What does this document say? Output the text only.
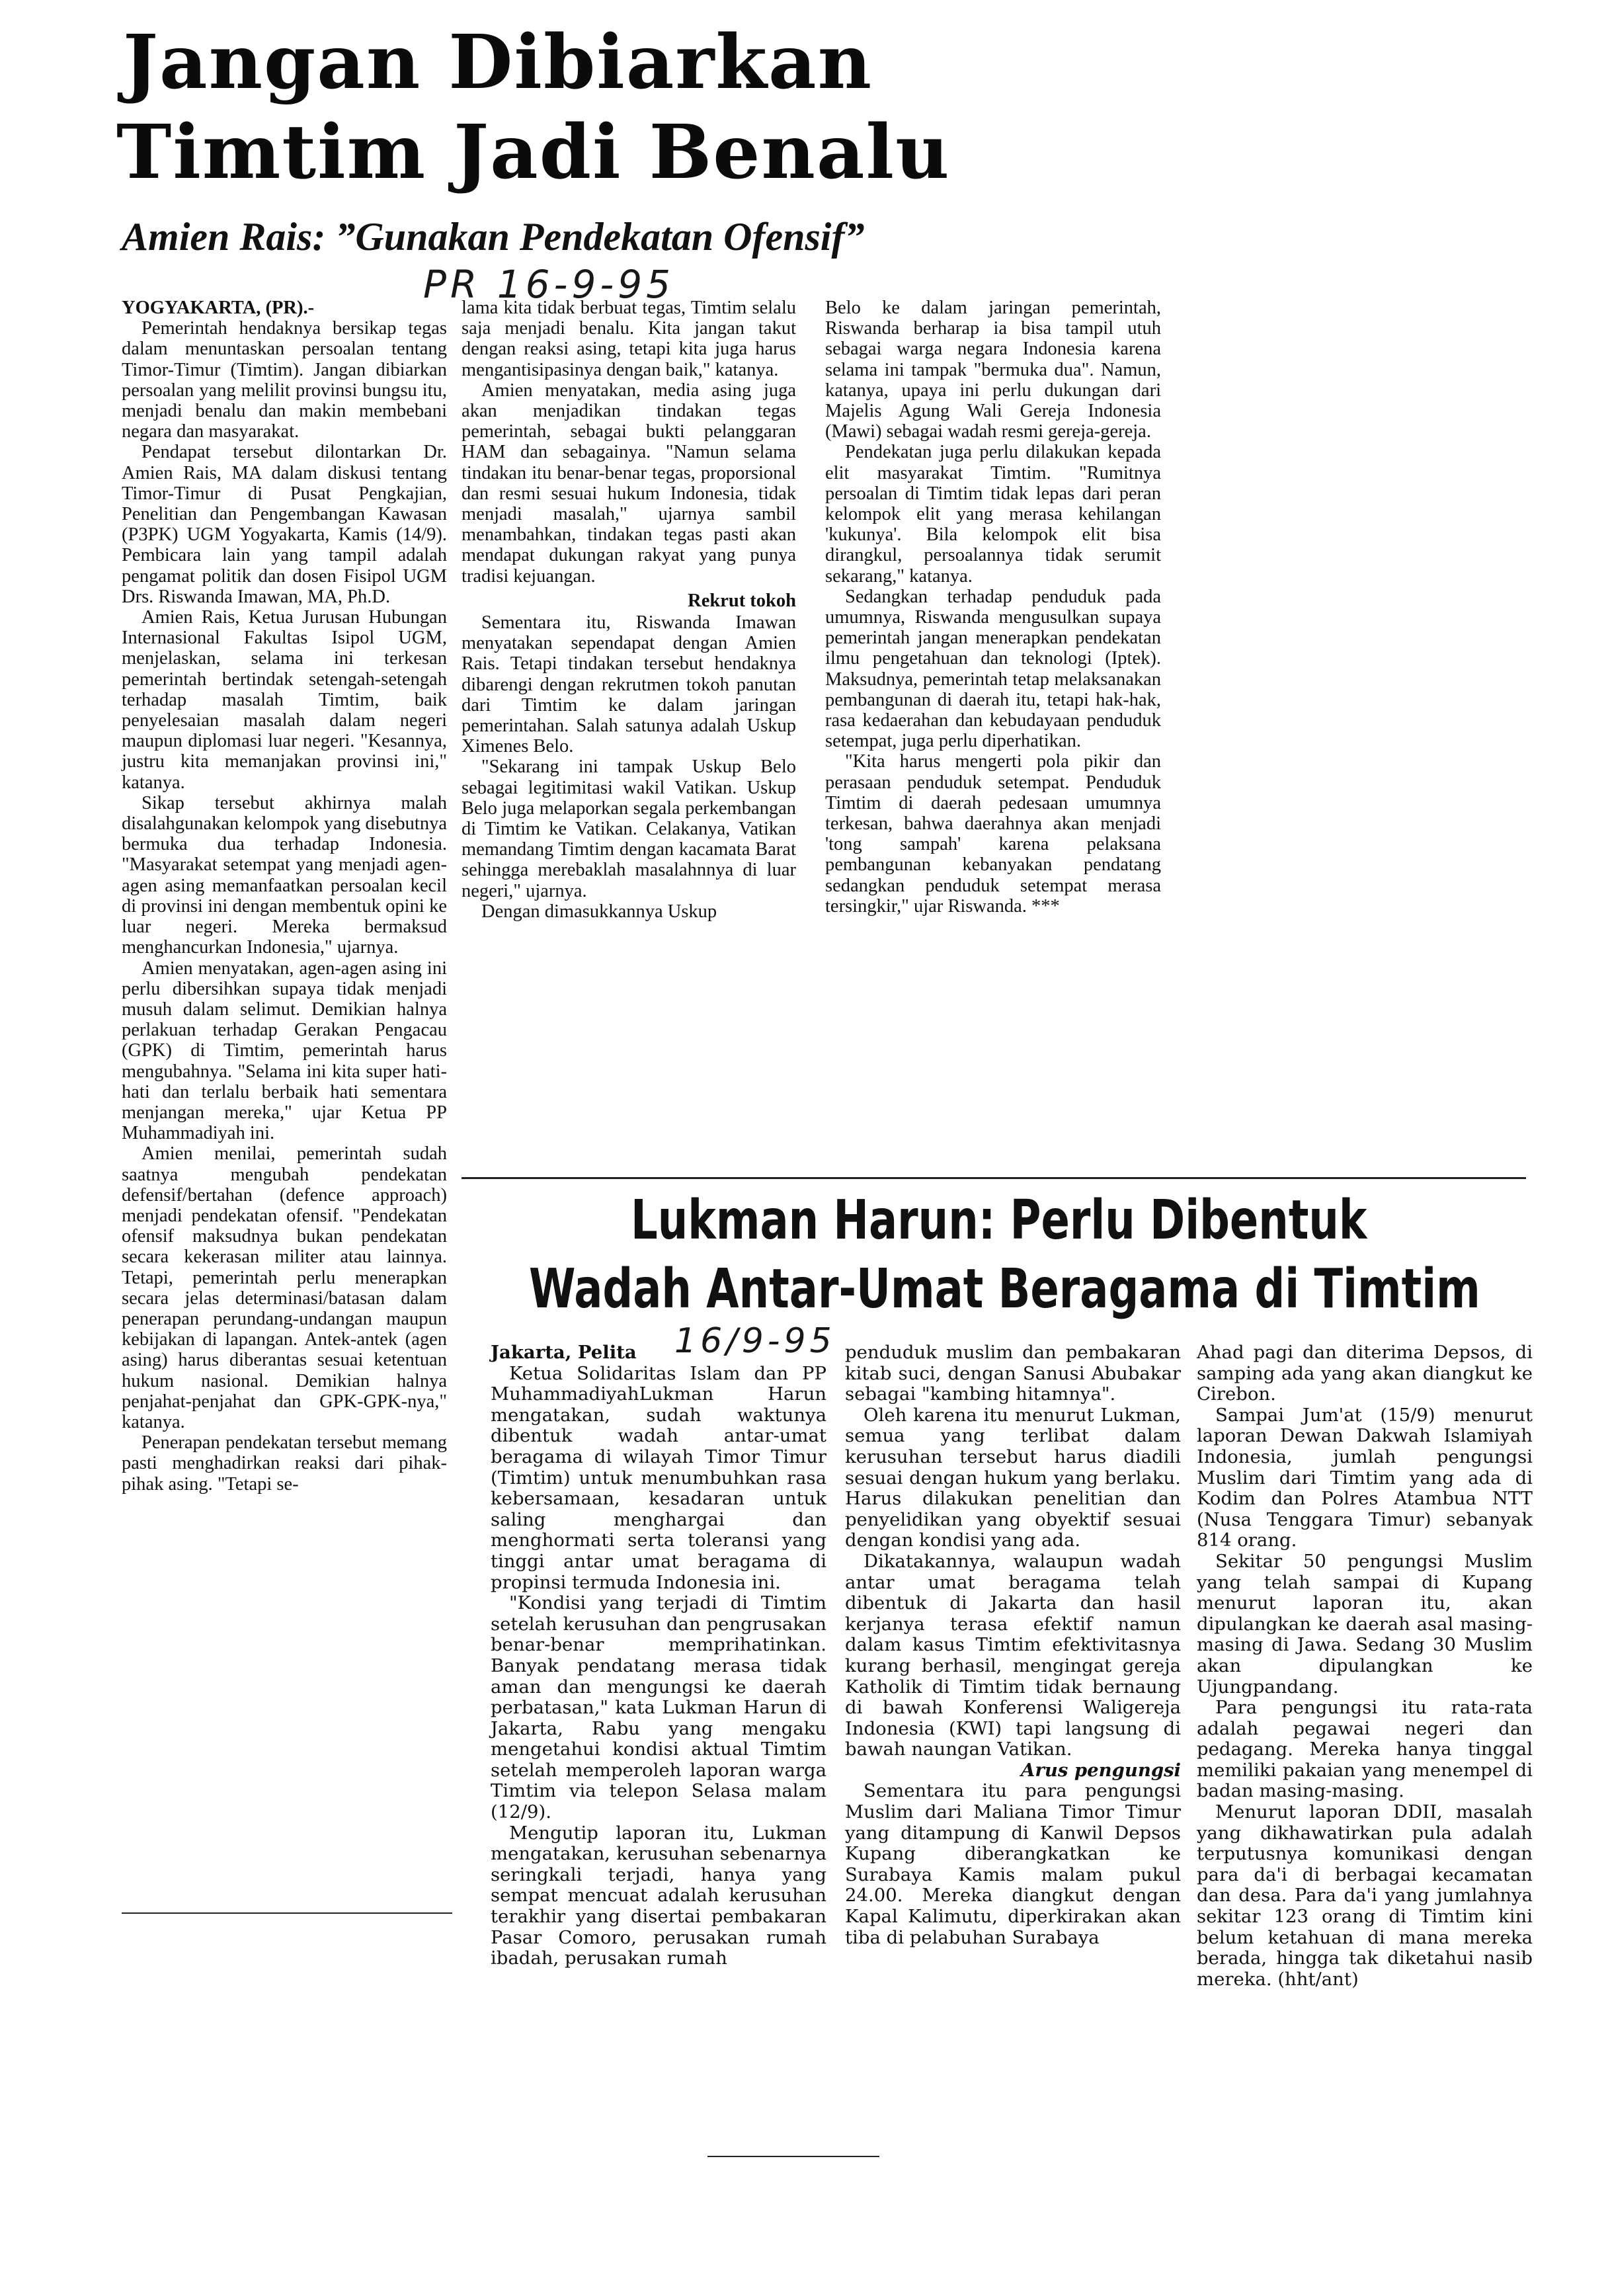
Jangan Dibiarkan
Timtim Jadi Benalu
Amien Rais: ”Gunakan Pendekatan Ofensif”
PR 16-9-95

YOGYAKARTA, (PR).-

Pemerintah hendaknya bersikap tegas dalam menuntaskan persoalan tentang Timor-Timur (Timtim). Jangan dibiarkan persoalan yang melilit provinsi bungsu itu, menjadi benalu dan makin membebani negara dan masyarakat.

Pendapat tersebut dilontarkan Dr. Amien Rais, MA dalam diskusi tentang Timor-Timur di Pusat Pengkajian, Penelitian dan Pengembangan Kawasan (P3PK) UGM Yogyakarta, Kamis (14/9). Pembicara lain yang tampil adalah pengamat politik dan dosen Fisipol UGM Drs. Riswanda Imawan, MA, Ph.D.

Amien Rais, Ketua Jurusan Hubungan Internasional Fakultas Isipol UGM, menjelaskan, selama ini terkesan pemerintah bertindak setengah-setengah terhadap masalah Timtim, baik penyelesaian masalah dalam negeri maupun diplomasi luar negeri. "Kesannya, justru kita memanjakan provinsi ini," katanya.

Sikap tersebut akhirnya malah disalahgunakan kelompok yang disebutnya bermuka dua terhadap Indonesia. "Masyarakat setempat yang menjadi agen-agen asing memanfaatkan persoalan kecil di provinsi ini dengan membentuk opini ke luar negeri. Mereka bermaksud menghancurkan Indonesia," ujarnya.

Amien menyatakan, agen-agen asing ini perlu dibersihkan supaya tidak menjadi musuh dalam selimut. Demikian halnya perlakuan terhadap Gerakan Pengacau (GPK) di Timtim, pemerintah harus mengubahnya. "Selama ini kita super hati-hati dan terlalu berbaik hati sementara menjangan mereka," ujar Ketua PP Muhammadiyah ini.

Amien menilai, pemerintah sudah saatnya mengubah pendekatan defensif/bertahan (defence approach) menjadi pendekatan ofensif. "Pendekatan ofensif maksudnya bukan pendekatan secara kekerasan militer atau lainnya. Tetapi, pemerintah perlu menerapkan secara jelas determinasi/batasan dalam penerapan perundang-undangan maupun kebijakan di lapangan. Antek-antek (agen asing) harus diberantas sesuai ketentuan hukum nasional. Demikian halnya penjahat-penjahat dan GPK-GPK-nya," katanya.

Penerapan pendekatan tersebut memang pasti menghadirkan reaksi dari pihak-pihak asing. "Tetapi se-

lama kita tidak berbuat tegas, Timtim selalu saja menjadi benalu. Kita jangan takut dengan reaksi asing, tetapi kita juga harus mengantisipasinya dengan baik," katanya.

Amien menyatakan, media asing juga akan menjadikan tindakan tegas pemerintah, sebagai bukti pelanggaran HAM dan sebagainya. "Namun selama tindakan itu benar-benar tegas, proporsional dan resmi sesuai hukum Indonesia, tidak menjadi masalah," ujarnya sambil menambahkan, tindakan tegas pasti akan mendapat dukungan rakyat yang punya tradisi kejuangan.

Rekrut tokoh

Sementara itu, Riswanda Imawan menyatakan sependapat dengan Amien Rais. Tetapi tindakan tersebut hendaknya dibarengi dengan rekrutmen tokoh panutan dari Timtim ke dalam jaringan pemerintahan. Salah satunya adalah Uskup Ximenes Belo.

"Sekarang ini tampak Uskup Belo sebagai legitimitasi wakil Vatikan. Uskup Belo juga melaporkan segala perkembangan di Timtim ke Vatikan. Celakanya, Vatikan memandang Timtim dengan kacamata Barat sehingga merebaklah masalahnnya di luar negeri," ujarnya.

Dengan dimasukkannya Uskup

Belo ke dalam jaringan pemerintah, Riswanda berharap ia bisa tampil utuh sebagai warga negara Indonesia karena selama ini tampak "bermuka dua". Namun, katanya, upaya ini perlu dukungan dari Majelis Agung Wali Gereja Indonesia (Mawi) sebagai wadah resmi gereja-gereja.

Pendekatan juga perlu dilakukan kepada elit masyarakat Timtim. "Rumitnya persoalan di Timtim tidak lepas dari peran kelompok elit yang merasa kehilangan 'kukunya'. Bila kelompok elit bisa dirangkul, persoalannya tidak serumit sekarang," katanya.

Sedangkan terhadap penduduk pada umumnya, Riswanda mengusulkan supaya pemerintah jangan menerapkan pendekatan ilmu pengetahuan dan teknologi (Iptek). Maksudnya, pemerintah tetap melaksanakan pembangunan di daerah itu, tetapi hak-hak, rasa kedaerahan dan kebudayaan penduduk setempat, juga perlu diperhatikan.

"Kita harus mengerti pola pikir dan perasaan penduduk setempat. Penduduk Timtim di daerah pedesaan umumnya terkesan, bahwa daerahnya akan menjadi 'tong sampah' karena pelaksana pembangunan kebanyakan pendatang sedangkan penduduk setempat merasa tersingkir," ujar Riswanda. ***

Lukman Harun: Perlu Dibentuk
Wadah Antar-Umat Beragama di Timtim
16/9-95

Jakarta, Pelita

Ketua Solidaritas Islam dan PP MuhammadiyahLukman Harun mengatakan, sudah waktunya dibentuk wadah antar-umat beragama di wilayah Timor Timur (Timtim) untuk menumbuhkan rasa kebersamaan, kesadaran untuk saling menghargai dan menghormati serta toleransi yang tinggi antar umat beragama di propinsi termuda Indonesia ini.

"Kondisi yang terjadi di Timtim setelah kerusuhan dan pengrusakan benar-benar memprihatinkan. Banyak pendatang merasa tidak aman dan mengungsi ke daerah perbatasan," kata Lukman Harun di Jakarta, Rabu yang mengaku mengetahui kondisi aktual Timtim setelah memperoleh laporan warga Timtim via telepon Selasa malam (12/9).

Mengutip laporan itu, Lukman mengatakan, kerusuhan sebenarnya seringkali terjadi, hanya yang sempat mencuat adalah kerusuhan terakhir yang disertai pembakaran Pasar Comoro, perusakan rumah ibadah, perusakan rumah

penduduk muslim dan pembakaran kitab suci, dengan Sanusi Abubakar sebagai "kambing hitamnya".

Oleh karena itu menurut Lukman, semua yang terlibat dalam kerusuhan tersebut harus diadili sesuai dengan hukum yang berlaku. Harus dilakukan penelitian dan penyelidikan yang obyektif sesuai dengan kondisi yang ada.

Dikatakannya, walaupun wadah antar umat beragama telah dibentuk di Jakarta dan hasil kerjanya terasa efektif namun dalam kasus Timtim efektivitasnya kurang berhasil, mengingat gereja Katholik di Timtim tidak bernaung di bawah Konferensi Waligereja Indonesia (KWI) tapi langsung di bawah naungan Vatikan.

Arus pengungsi

Sementara itu para pengungsi Muslim dari Maliana Timor Timur yang ditampung di Kanwil Depsos Kupang diberangkatkan ke Surabaya Kamis malam pukul 24.00. Mereka diangkut dengan Kapal Kalimutu, diperkirakan akan tiba di pelabuhan Surabaya

Ahad pagi dan diterima Depsos, di samping ada yang akan diangkut ke Cirebon.

Sampai Jum'at (15/9) menurut laporan Dewan Dakwah Islamiyah Indonesia, jumlah pengungsi Muslim dari Timtim yang ada di Kodim dan Polres Atambua NTT (Nusa Tenggara Timur) sebanyak 814 orang.

Sekitar 50 pengungsi Muslim yang telah sampai di Kupang menurut laporan itu, akan dipulangkan ke daerah asal masing-masing di Jawa. Sedang 30 Muslim akan dipulangkan ke Ujungpandang.

Para pengungsi itu rata-rata adalah pegawai negeri dan pedagang. Mereka hanya tinggal memiliki pakaian yang menempel di badan masing-masing.

Menurut laporan DDII, masalah yang dikhawatirkan pula adalah terputusnya komunikasi dengan para da'i di berbagai kecamatan dan desa. Para da'i yang jumlahnya sekitar 123 orang di Timtim kini belum ketahuan di mana mereka berada, hingga tak diketahui nasib mereka. (hht/ant)
